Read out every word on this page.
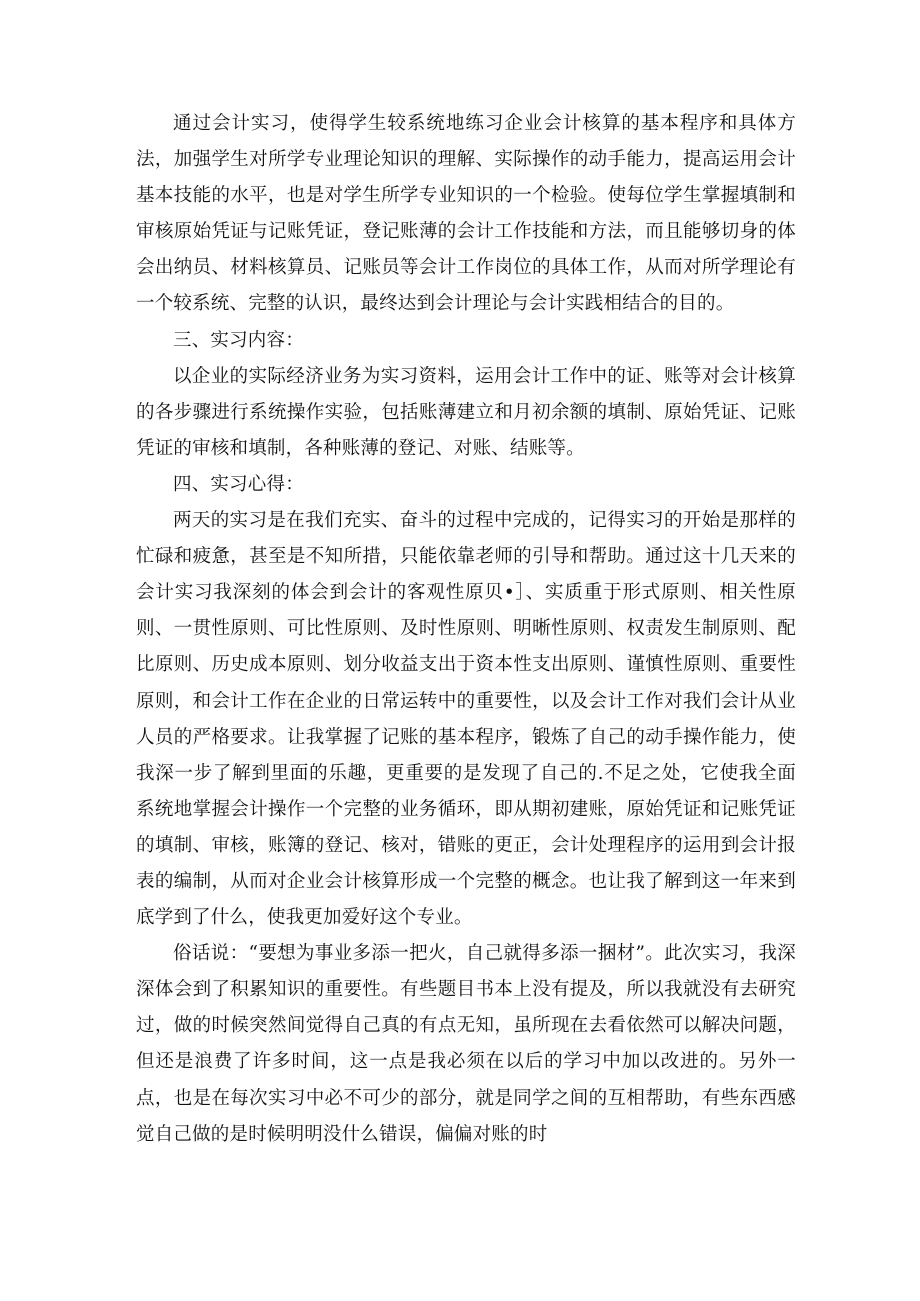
通过会计实习，使得学生较系统地练习企业会计核算的基本程序和具体方法，加强学生对所学专业理论知识的理解、实际操作的动手能力，提高运用会计基本技能的水平，也是对学生所学专业知识的一个检验。使每位学生掌握填制和审核原始凭证与记账凭证，登记账薄的会计工作技能和方法，而且能够切身的体会出纳员、材料核算员、记账员等会计工作岗位的具体工作，从而对所学理论有一个较系统、完整的认识，最终达到会计理论与会计实践相结合的目的。

三、实习内容：

以企业的实际经济业务为实习资料，运用会计工作中的证、账等对会计核算的各步骤进行系统操作实验，包括账薄建立和月初余额的填制、原始凭证、记账凭证的审核和填制，各种账薄的登记、对账、结账等。

四、实习心得：

两天的实习是在我们充实、奋斗的过程中完成的，记得实习的开始是那样的忙碌和疲惫，甚至是不知所措，只能依靠老师的引导和帮助。通过这十几天来的会计实习我深刻的体会到会计的客观性原贝•］、实质重于形式原则、相关性原则、一贯性原则、可比性原则、及时性原则、明晰性原则、权责发生制原则、配比原则、历史成本原则、划分收益支出于资本性支出原则、谨慎性原则、重要性原则，和会计工作在企业的日常运转中的重要性，以及会计工作对我们会计从业人员的严格要求。让我掌握了记账的基本程序，锻炼了自己的动手操作能力，使我深一步了解到里面的乐趣，更重要的是发现了自己的.不足之处，它使我全面系统地掌握会计操作一个完整的业务循环，即从期初建账，原始凭证和记账凭证的填制、审核，账簿的登记、核对，错账的更正，会计处理程序的运用到会计报表的编制，从而对企业会计核算形成一个完整的概念。也让我了解到这一年来到底学到了什么，使我更加爱好这个专业。

俗话说：“要想为事业多添一把火，自己就得多添一捆材”。此次实习，我深深体会到了积累知识的重要性。有些题目书本上没有提及，所以我就没有去研究过，做的时候突然间觉得自己真的有点无知，虽所现在去看依然可以解决问题，但还是浪费了许多时间，这一点是我必须在以后的学习中加以改进的。另外一点，也是在每次实习中必不可少的部分，就是同学之间的互相帮助，有些东西感觉自己做的是时候明明没什么错误，偏偏对账的时
